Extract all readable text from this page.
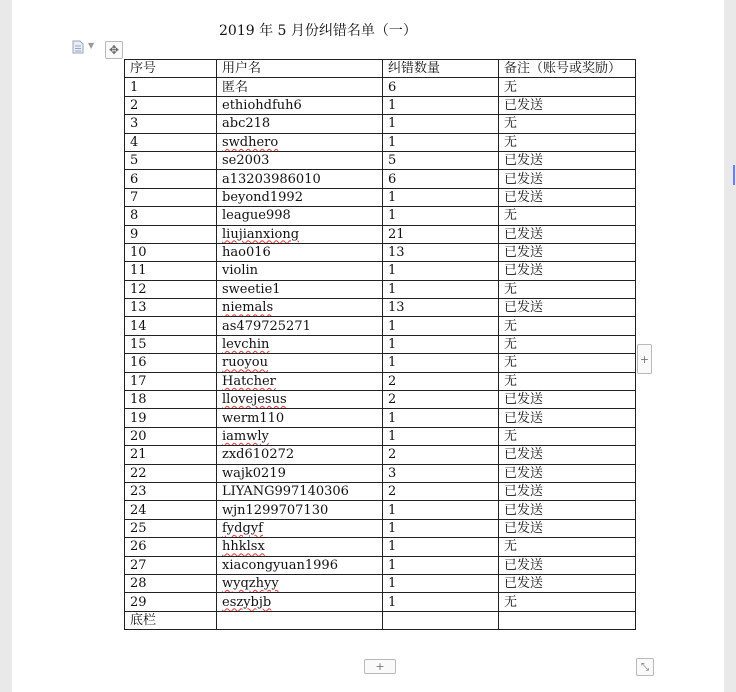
2019 年 5 月份纠错名单（一）
▼	✥
序号	用户名	纠错数量	备注（账号或奖励）
1	匿名	6	无
2	ethiohdfuh6	1	已发送
3	abc218	1	无
4	swdhero	1	无
5	se2003	5	已发送
6	a13203986010	6	已发送
7	beyond1992	1	已发送
8	league998	1	无
9	liujianxiong	21	已发送
10	hao016	13	已发送
11	violin	1	已发送
12	sweetie1	1	无
13	niemals	13	已发送
14	as479725271	1	无
15	levchin	1	无
16	ruoyou	1	无
17	Hatcher	2	无
18	llovejesus	2	已发送
19	werm110	1	已发送
20	iamwly	1	无
21	zxd610272	2	已发送
22	wajk0219	3	已发送
23	LIYANG997140306	2	已发送
24	wjn1299707130	1	已发送
25	fydgyf	1	已发送
26	hhklsx	1	无
27	xiacongyuan1996	1	已发送
28	wyqzhyy	1	已发送
29	eszybjb	1	无
底栏			
+
+	⤡
